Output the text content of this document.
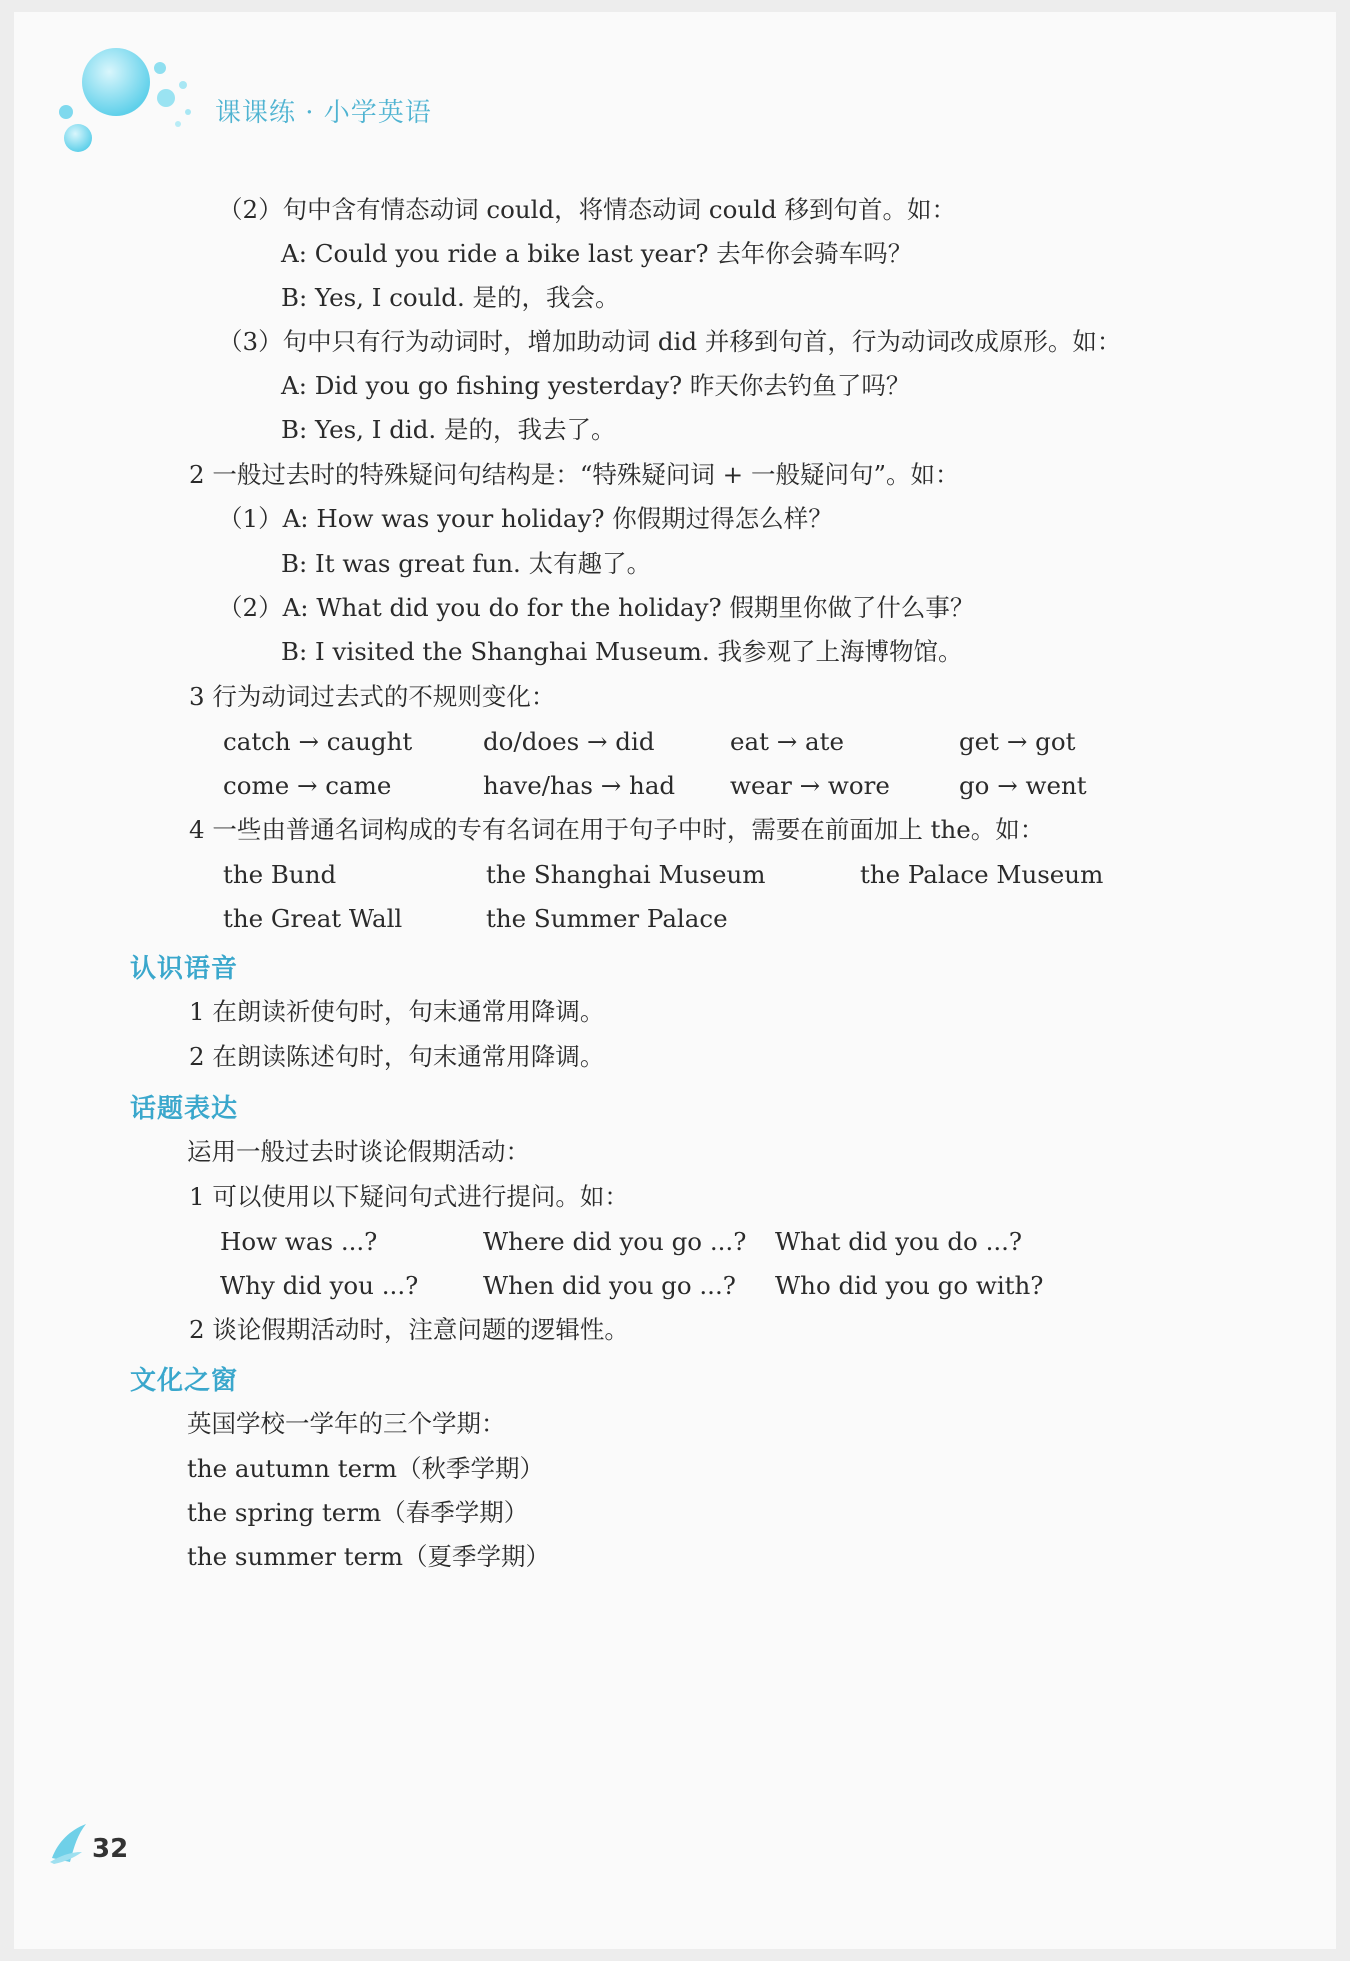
课课练 · 小学英语
（2）句中含有情态动词 could，将情态动词 could 移到句首。如：
A: Could you ride a bike last year? 去年你会骑车吗？
B: Yes, I could. 是的，我会。
（3）句中只有行为动词时，增加助动词 did 并移到句首，行为动词改成原形。如：
A: Did you go fishing yesterday? 昨天你去钓鱼了吗？
B: Yes, I did. 是的，我去了。
2 一般过去时的特殊疑问句结构是：“特殊疑问词 + 一般疑问句”。如：
（1）A: How was your holiday? 你假期过得怎么样？
B: It was great fun. 太有趣了。
（2）A: What did you do for the holiday? 假期里你做了什么事？
B: I visited the Shanghai Museum. 我参观了上海博物馆。
3 行为动词过去式的不规则变化：
catch → caught	do/does → did	eat → ate	get → got
come → came	have/has → had wear → wore	go → went
4 一些由普通名词构成的专有名词在用于句子中时，需要在前面加上 the。如：
the Bund	the Shanghai Museum	the Palace Museum
the Great Wall	the Summer Palace
认识语音
1 在朗读祈使句时，句末通常用降调。
2 在朗读陈述句时，句末通常用降调。
话题表达
运用一般过去时谈论假期活动：
1 可以使用以下疑问句式进行提问。如：
How was ...?	Where did you go ...? What did you do ...?
Why did you ...?	When did you go ...? Who did you go with?
2 谈论假期活动时，注意问题的逻辑性。
文化之窗
英国学校一学年的三个学期：
the autumn term（秋季学期）
the spring term（春季学期）
the summer term（夏季学期）
32
